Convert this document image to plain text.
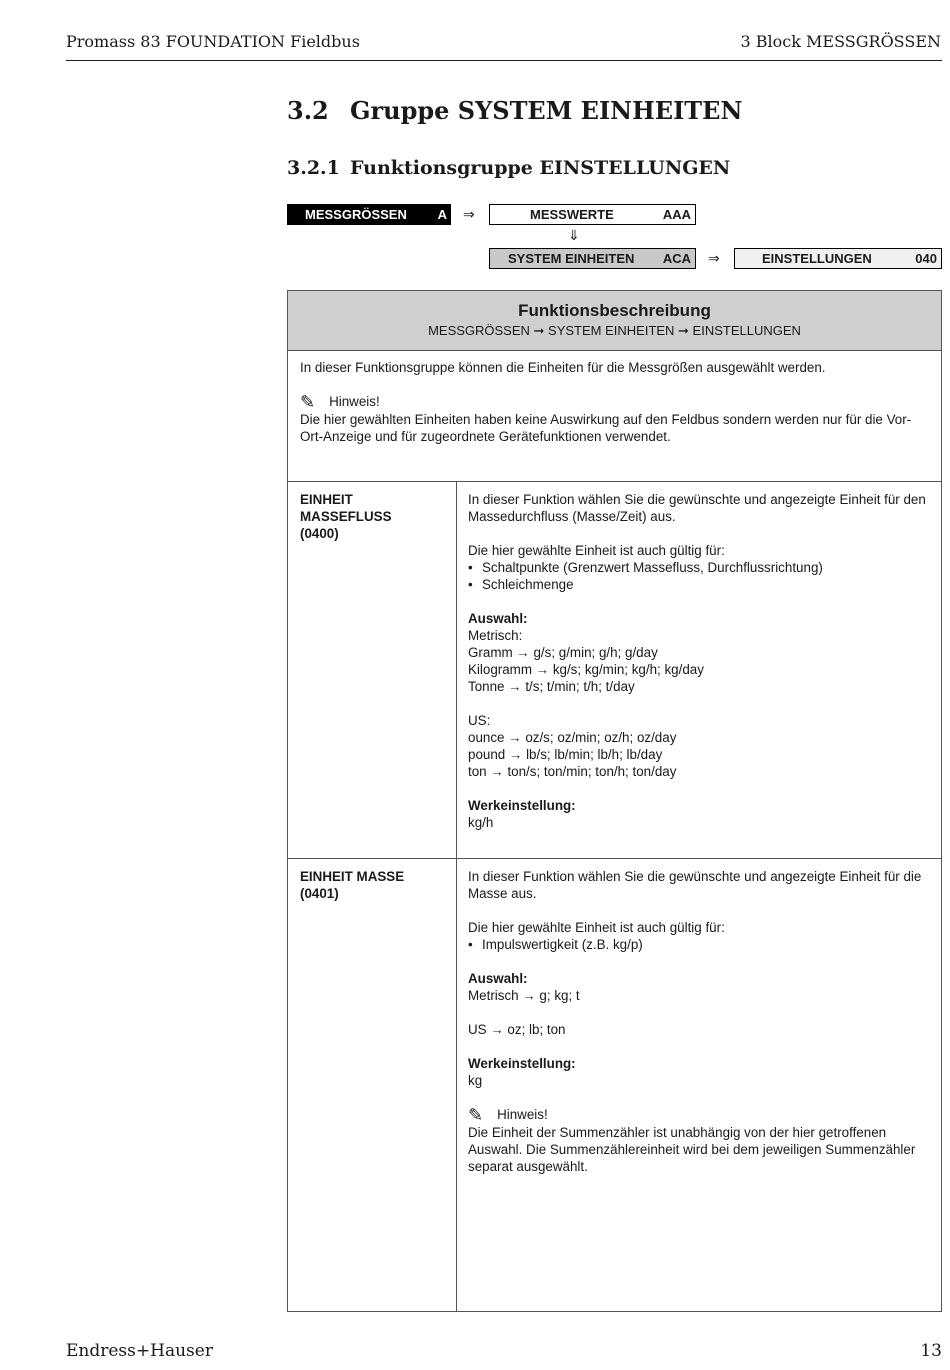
Promass 83 FOUNDATION Fieldbus	3 Block MESSGRÖSSEN
3.2 Gruppe SYSTEM EINHEITEN
3.2.1 Funktionsgruppe EINSTELLUNGEN
MESSGRÖSSEN A ⇒	MESSWERTE	AAA
⇓
SYSTEM EINHEITEN ACA ⇒	EINSTELLUNGEN	040
Funktionsbeschreibung
MESSGRÖSSEN ➞ SYSTEM EINHEITEN ➞ EINSTELLUNGEN

In dieser Funktionsgruppe können die Einheiten für die Messgrößen ausgewählt werden.

✎ Hinweis!

Die hier gewählten Einheiten haben keine Auswirkung auf den Feldbus sondern werden nur für die Vor-Ort-Anzeige und für zugeordnete Gerätefunktionen verwendet.

EINHEIT
MASSEFLUSS
(0400)

In dieser Funktion wählen Sie die gewünschte und angezeigte Einheit für den Massedurchfluss (Masse/Zeit) aus.

Die hier gewählte Einheit ist auch gültig für:

• Schaltpunkte (Grenzwert Massefluss, Durchflussrichtung)
• Schleichmenge

Auswahl:

Metrisch:

Gramm → g/s; g/min; g/h; g/day

Kilogramm → kg/s; kg/min; kg/h; kg/day

Tonne → t/s; t/min; t/h; t/day

US:

ounce → oz/s; oz/min; oz/h; oz/day

pound → lb/s; lb/min; lb/h; lb/day

ton → ton/s; ton/min; ton/h; ton/day

Werkeinstellung:

kg/h

EINHEIT MASSE
(0401)

In dieser Funktion wählen Sie die gewünschte und angezeigte Einheit für die Masse aus.

Die hier gewählte Einheit ist auch gültig für:

• Impulswertigkeit (z.B. kg/p)

Auswahl:

Metrisch → g; kg; t

US → oz; lb; ton

Werkeinstellung:

kg

✎ Hinweis!

Die Einheit der Summenzähler ist unabhängig von der hier getroffenen Auswahl. Die Summenzählereinheit wird bei dem jeweiligen Summenzähler separat ausgewählt.

Endress+Hauser	13
